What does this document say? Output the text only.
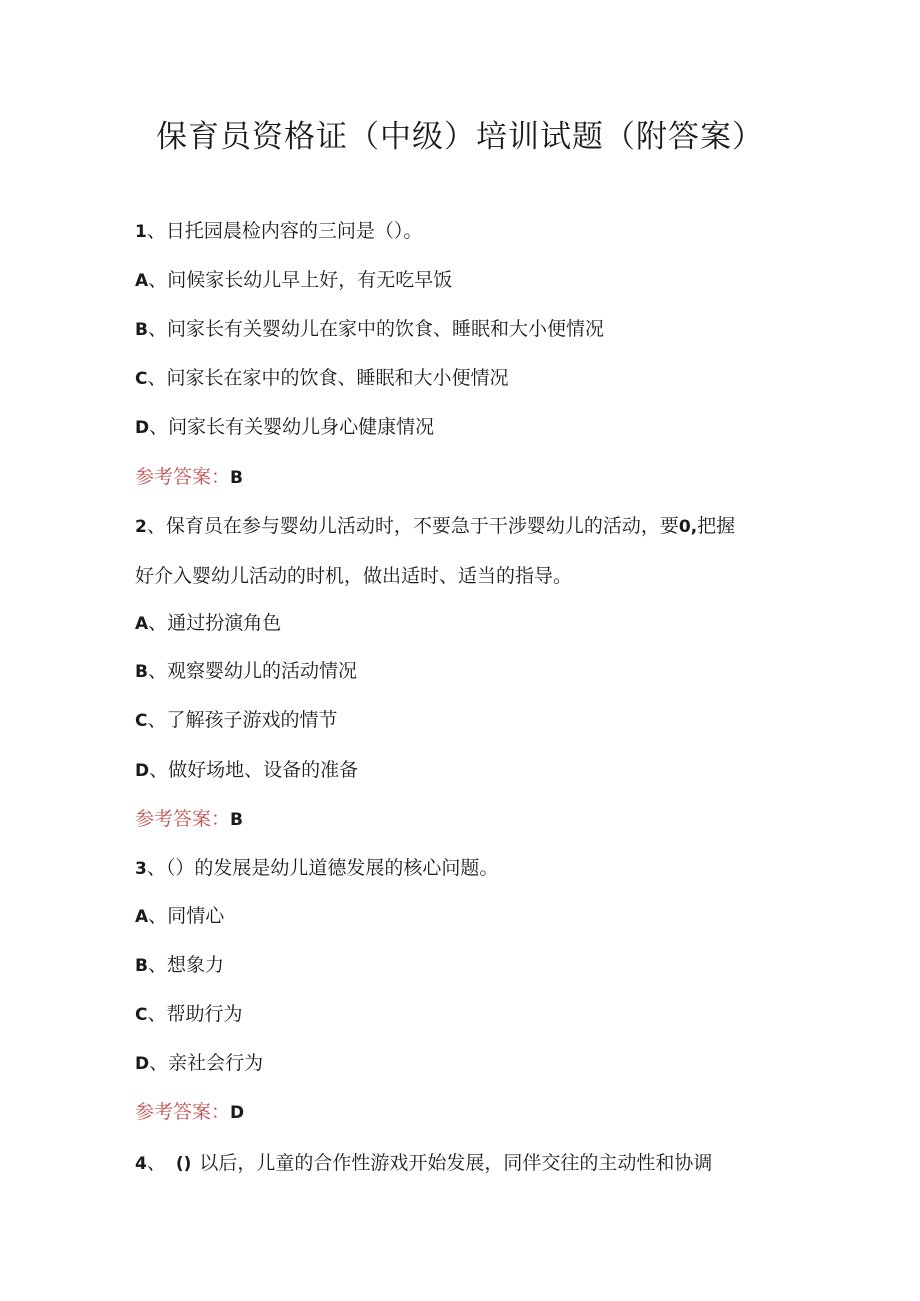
保育员资格证（中级）培训试题（附答案）
1、日托园晨检内容的三问是（）。
A、问候家长幼儿早上好，有无吃早饭
B、问家长有关婴幼儿在家中的饮食、睡眠和大小便情况
C、问家长在家中的饮食、睡眠和大小便情况
D、问家长有关婴幼儿身心健康情况
参考答案：B
2、保育员在参与婴幼儿活动时，不要急于干涉婴幼儿的活动，要0,把握
好介入婴幼儿活动的时机，做出适时、适当的指导。
A、通过扮演角色
B、观察婴幼儿的活动情况
C、了解孩子游戏的情节
D、做好场地、设备的准备
参考答案：B
3、（）的发展是幼儿道德发展的核心问题。
A、同情心
B、想象力
C、帮助行为
D、亲社会行为
参考答案：D
4、 () 以后，儿童的合作性游戏开始发展，同伴交往的主动性和协调
